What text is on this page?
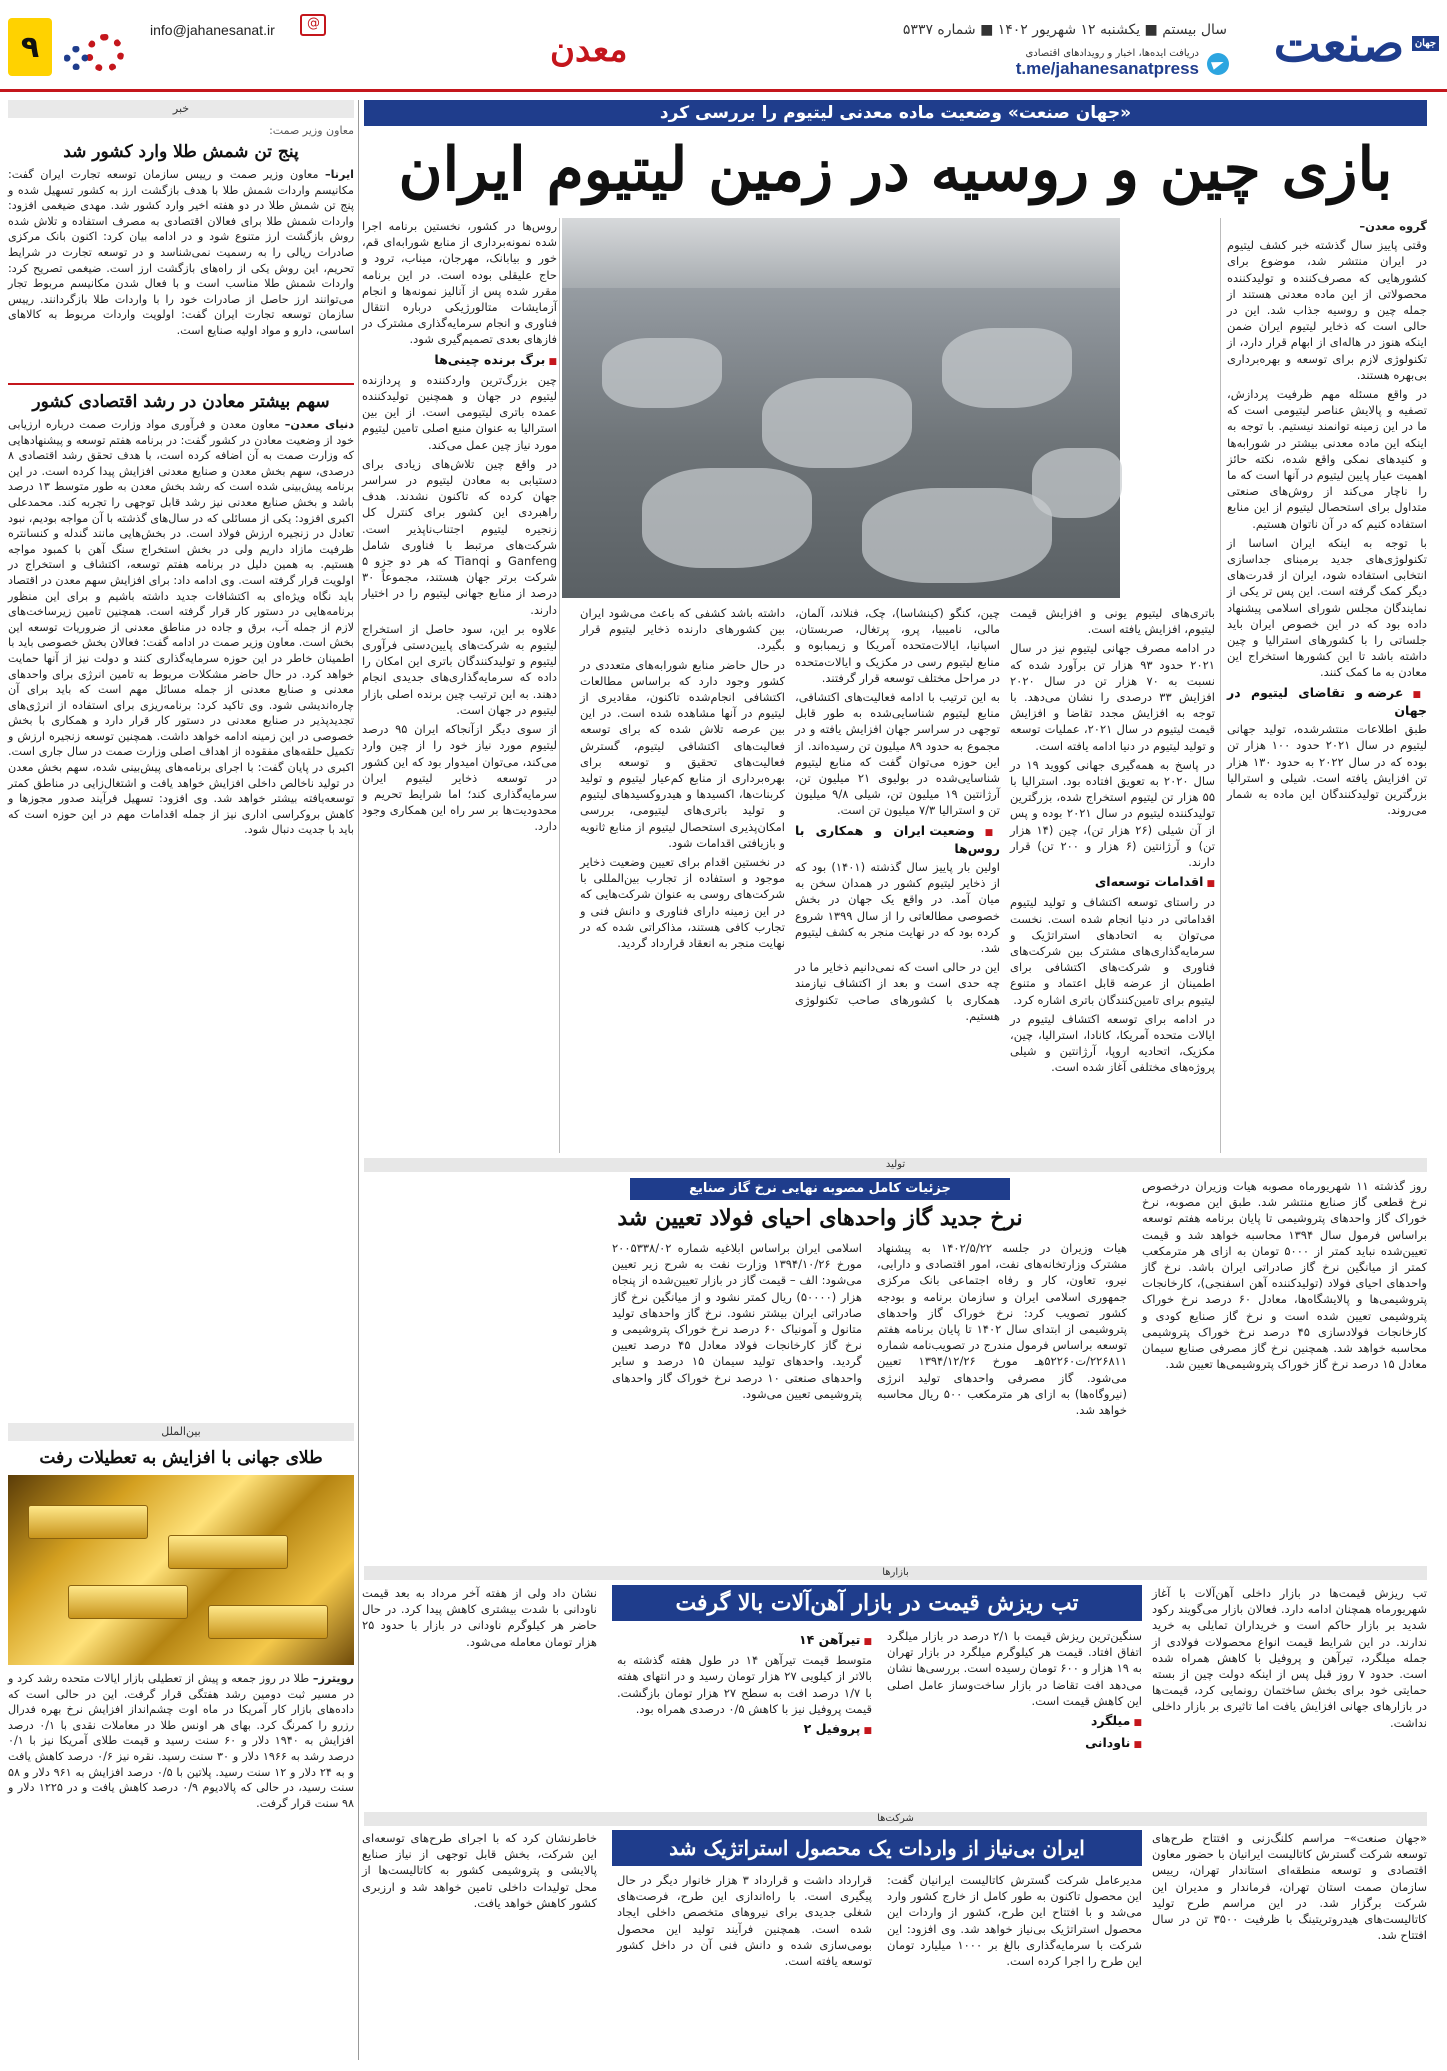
صنعت	جهان
سال بیستم ■ یکشنبه ۱۲ شهریور ۱۴۰۲ ■ شماره ۵۳۳۷
دریافت ایده‌ها، اخبار و رویدادهای اقتصادی
t.me/jahanesanatpress
معدن
@
info@jahanesanat.ir
۹
«جهان صنعت» وضعیت ماده معدنی لیتیوم را بررسی کرد
بازی چین و روسیه در زمین لیتیوم ایران

گروه معدن–

وقتی پاییز سال گذشته خبر کشف لیتیوم در ایران منتشر شد، موضوع برای کشورهایی که مصرف‌کننده و تولیدکننده محصولاتی از این ماده معدنی هستند از جمله چین و روسیه جذاب شد. این در حالی است که ذخایر لیتیوم ایران ضمن اینکه هنوز در هاله‌ای از ابهام قرار دارد، از تکنولوژی لازم برای توسعه و بهره‌برداری بی‌بهره هستند.

در واقع مسئله مهم ظرفیت پردازش، تصفیه و پالایش عناصر لیتیومی است که ما در این زمینه توانمند نیستیم. با توجه به اینکه این ماده معدنی بیشتر در شورابه‌ها و کنیدهای نمکی واقع شده، نکته حائز اهمیت عیار پایین لیتیوم در آنها است که ما را ناچار می‌کند از روش‌های صنعتی متداول برای استحصال لیتیوم از این منابع استفاده کنیم که در آن ناتوان هستیم.

با توجه به اینکه ایران اساسا از تکنولوژی‌های جدید برمبنای جداسازی انتخابی استفاده شود، ایران از قدرت‌های دیگر کمک گرفته است. این پس تر یکی از نمایندگان مجلس شورای اسلامی پیشنهاد داده بود که در این خصوص ایران باید جلساتی را با کشورهای استرالیا و چین داشته باشد تا این کشورها استخراج این معادن به ما کمک کنند.

■ عرضه و تقاضای لیتیوم در جهان

طبق اطلاعات منتشرشده، تولید جهانی لیتیوم در سال ۲۰۲۱ حدود ۱۰۰ هزار تن بوده که در سال ۲۰۲۲ به حدود ۱۳۰ هزار تن افزایش یافته است. شیلی و استرالیا بزرگترین تولیدکنندگان این ماده به شمار می‌روند.

روس‌ها در کشور، نخستین برنامه اجرا شده نمونه‌برداری از منابع شورابه‌ای قم، خور و بیابانک، مهرجان، میناب، ترود و حاج علیقلی بوده است. در این برنامه مقرر شده پس از آنالیز نمونه‌ها و انجام آزمایشات متالورژیکی درباره انتقال فناوری و انجام سرمایه‌گذاری مشترک در فازهای بعدی تصمیم‌گیری شود.

■ برگ برنده چینی‌ها

چین بزرگ‌ترین واردکننده و پردازنده لیتیوم در جهان و همچنین تولیدکننده عمده باتری لیتیومی است. از این بین استرالیا به عنوان منبع اصلی تامین لیتیوم مورد نیاز چین عمل می‌کند.

در واقع چین تلاش‌های زیادی برای دستیابی به معادن لیتیوم در سراسر جهان کرده که تاکنون نشدند. هدف راهبردی این کشور برای کنترل کل زنجیره لیتیوم اجتناب‌ناپذیر است. شرکت‌های مرتبط با فناوری شامل Ganfeng و Tianqi که هر دو جزو ۵ شرکت برتر جهان هستند، مجموعاً ۳۰ درصد از منابع جهانی لیتیوم را در اختیار دارند.

علاوه بر این، سود حاصل از استخراج لیتیوم به شرکت‌های پایین‌دستی فرآوری لیتیوم و تولیدکنندگان باتری این امکان را داده که سرمایه‌گذاری‌های جدیدی انجام دهند. به این ترتیب چین برنده اصلی بازار لیتیوم در جهان است.

از سوی دیگر ازآنجاکه ایران ۹۵ درصد لیتیوم مورد نیاز خود را از چین وارد می‌کند، می‌توان امیدوار بود که این کشور در توسعه ذخایر لیتیوم ایران سرمایه‌گذاری کند؛ اما شرایط تحریم و محدودیت‌ها بر سر راه این همکاری وجود دارد.

باتری‌های لیتیوم یونی و افزایش قیمت لیتیوم، افزایش یافته است.

در ادامه مصرف جهانی لیتیوم نیز در سال ۲۰۲۱ حدود ۹۳ هزار تن برآورد شده که نسبت به ۷۰ هزار تن در سال ۲۰۲۰ افزایش ۳۳ درصدی را نشان می‌دهد. با توجه به افزایش مجدد تقاضا و افزایش قیمت لیتیوم در سال ۲۰۲۱، عملیات توسعه و تولید لیتیوم در دنیا ادامه یافته است.

در پاسخ به همه‌گیری جهانی کووید ۱۹ در سال ۲۰۲۰ به تعویق افتاده بود. استرالیا با ۵۵ هزار تن لیتیوم استخراج شده، بزرگترین تولیدکننده لیتیوم در سال ۲۰۲۱ بوده و پس از آن شیلی (۲۶ هزار تن)، چین (۱۴ هزار تن) و آرژانتین (۶ هزار و ۲۰۰ تن) قرار دارند.

■ اقدامات توسعه‌ای

در راستای توسعه اکتشاف و تولید لیتیوم اقداماتی در دنیا انجام شده است. نخست می‌توان به اتحادهای استراتژیک و سرمایه‌گذاری‌های مشترک بین شرکت‌های فناوری و شرکت‌های اکتشافی برای اطمینان از عرضه قابل اعتماد و متنوع لیتیوم برای تامین‌کنندگان باتری اشاره کرد.

در ادامه برای توسعه اکتشاف لیتیوم در ایالات متحده آمریکا، کانادا، استرالیا، چین، مکزیک، اتحادیه اروپا، آرژانتین و شیلی پروژه‌های مختلفی آغاز شده است.

چین، کنگو (کینشاسا)، چک، فنلاند، آلمان، مالی، نامیبیا، پرو، پرتغال، صربستان، اسپانیا، ایالات‌متحده آمریکا و زیمبابوه و منابع لیتیوم رسی در مکزیک و ایالات‌متحده در مراحل مختلف توسعه قرار گرفتند.

به این ترتیب با ادامه فعالیت‌های اکتشافی، منابع لیتیوم شناسایی‌شده به طور قابل توجهی در سراسر جهان افزایش یافته و در مجموع به حدود ۸۹ میلیون تن رسیده‌اند. از این حوزه می‌توان گفت که منابع لیتیوم شناسایی‌شده در بولیوی ۲۱ میلیون تن، آرژانتین ۱۹ میلیون تن، شیلی ۹/۸ میلیون تن و استرالیا ۷/۳ میلیون تن است.

■ وضعیت ایران و همکاری با روس‌ها

اولین بار پاییز سال گذشته (۱۴۰۱) بود که از ذخایر لیتیوم کشور در همدان سخن به میان آمد. در واقع یک جهان در بخش خصوصی مطالعاتی را از سال ۱۳۹۹ شروع کرده بود که در نهایت منجر به کشف لیتیوم شد.

این در حالی است که نمی‌دانیم ذخایر ما در چه حدی است و بعد از اکتشاف نیازمند همکاری با کشورهای صاحب تکنولوژی هستیم.

داشته باشد کشفی که باعث می‌شود ایران بین کشورهای دارنده ذخایر لیتیوم قرار بگیرد.

در حال حاضر منابع شورابه‌های متعددی در کشور وجود دارد که براساس مطالعات اکتشافی انجام‌شده تاکنون، مقادیری از لیتیوم در آنها مشاهده شده است. در این بین عرصه تلاش شده که برای توسعه فعالیت‌های اکتشافی لیتیوم، گسترش فعالیت‌های تحقیق و توسعه برای بهره‌برداری از منابع کم‌عیار لیتیوم و تولید کربنات‌ها، اکسیدها و هیدروکسیدهای لیتیوم و تولید باتری‌های لیتیومی، بررسی امکان‌پذیری استحصال لیتیوم از منابع ثانویه و بازیافتی اقدامات شود.

در نخستین اقدام برای تعیین وضعیت ذخایر موجود و استفاده از تجارب بین‌المللی با شرکت‌های روسی به عنوان شرکت‌هایی که در این زمینه دارای فناوری و دانش فنی و تجارب کافی هستند، مذاکراتی شده که در نهایت منجر به انعقاد قرارداد گردید.

خبر
معاون وزیر صمت:
پنج تن شمش طلا وارد کشور شد
ایرنا– معاون وزیر صمت و رییس سازمان توسعه تجارت ایران گفت: مکانیسم واردات شمش طلا با هدف بازگشت ارز به کشور تسهیل شده و پنج تن شمش طلا در دو هفته اخیر وارد کشور شد. مهدی ضیغمی افزود: واردات شمش طلا برای فعالان اقتصادی به مصرف استفاده و تلاش شده روش بازگشت ارز متنوع شود و در ادامه بیان کرد: اکنون بانک مرکزی صادرات ریالی را به رسمیت نمی‌شناسد و در توسعه تجارت در شرایط تحریم، این روش یکی از راه‌های بازگشت ارز است. ضیغمی تصریح کرد: واردات شمش طلا مناسب است و با فعال شدن مکانیسم مربوط تجار می‌توانند ارز حاصل از صادرات خود را با واردات طلا بازگردانند. رییس سازمان توسعه تجارت ایران گفت: اولویت واردات مربوط به کالاهای اساسی، دارو و مواد اولیه صنایع است.
سهم بیشتر معادن در رشد اقتصادی کشور
دنیای معدن– معاون معدن و فرآوری مواد وزارت صمت درباره ارزیابی خود از وضعیت معادن در کشور گفت: در برنامه هفتم توسعه و پیشنهادهایی که وزارت صمت به آن اضافه کرده است، با هدف تحقق رشد اقتصادی ۸ درصدی، سهم بخش معدن و صنایع معدنی افزایش پیدا کرده است. در این برنامه پیش‌بینی شده است که رشد بخش معدن به طور متوسط ۱۳ درصد باشد و بخش صنایع معدنی نیز رشد قابل توجهی را تجربه کند. محمدعلی اکبری افزود: یکی از مسائلی که در سال‌های گذشته با آن مواجه بودیم، نبود تعادل در زنجیره ارزش فولاد است. در بخش‌هایی مانند گندله و کنسانتره ظرفیت مازاد داریم ولی در بخش استخراج سنگ آهن با کمبود مواجه هستیم. به همین دلیل در برنامه هفتم توسعه، اکتشاف و استخراج در اولویت قرار گرفته است. وی ادامه داد: برای افزایش سهم معدن در اقتصاد باید نگاه ویژه‌ای به اکتشافات جدید داشته باشیم و برای این منظور برنامه‌هایی در دستور کار قرار گرفته است. همچنین تامین زیرساخت‌های لازم از جمله آب، برق و جاده در مناطق معدنی از ضروریات توسعه این بخش است. معاون وزیر صمت در ادامه گفت: فعالان بخش خصوصی باید با اطمینان خاطر در این حوزه سرمایه‌گذاری کنند و دولت نیز از آنها حمایت خواهد کرد. در حال حاضر مشکلات مربوط به تامین انرژی برای واحدهای معدنی و صنایع معدنی از جمله مسائل مهم است که باید برای آن چاره‌اندیشی شود. وی تاکید کرد: برنامه‌ریزی برای استفاده از انرژی‌های تجدیدپذیر در صنایع معدنی در دستور کار قرار دارد و همکاری با بخش خصوصی در این زمینه ادامه خواهد داشت. همچنین توسعه زنجیره ارزش و تکمیل حلقه‌های مفقوده از اهداف اصلی وزارت صمت در سال جاری است. اکبری در پایان گفت: با اجرای برنامه‌های پیش‌بینی شده، سهم بخش معدن در تولید ناخالص داخلی افزایش خواهد یافت و اشتغال‌زایی در مناطق کمتر توسعه‌یافته بیشتر خواهد شد. وی افزود: تسهیل فرآیند صدور مجوزها و کاهش بروکراسی اداری نیز از جمله اقدامات مهم در این حوزه است که باید با جدیت دنبال شود.
بین‌الملل
طلای جهانی با افزایش به تعطیلات رفت
رویترز– طلا در روز جمعه و پیش از تعطیلی بازار ایالات متحده رشد کرد و در مسیر ثبت دومین رشد هفتگی قرار گرفت. این در حالی است که داده‌های بازار کار آمریکا در ماه اوت چشم‌انداز افزایش نرخ بهره فدرال رزرو را کمرنگ کرد. بهای هر اونس طلا در معاملات نقدی با ۰/۱ درصد افزایش به ۱۹۴۰ دلار و ۶۰ سنت رسید و قیمت طلای آمریکا نیز با ۰/۱ درصد رشد به ۱۹۶۶ دلار و ۳۰ سنت رسید. نقره نیز ۰/۶ درصد کاهش یافت و به ۲۴ دلار و ۱۲ سنت رسید. پلاتین با ۰/۵ درصد افزایش به ۹۶۱ دلار و ۵۸ سنت رسید، در حالی که پالادیوم ۰/۹ درصد کاهش یافت و در ۱۲۲۵ دلار و ۹۸ سنت قرار گرفت.
تولید
جزئیات کامل مصوبه نهایی نرخ گاز صنایع
نرخ جدید گاز واحدهای احیای فولاد تعیین شد

روز گذشته ۱۱ شهریورماه مصوبه هیات وزیران درخصوص نرخ قطعی گاز صنایع منتشر شد. طبق این مصوبه، نرخ خوراک گاز واحدهای پتروشیمی تا پایان برنامه هفتم توسعه براساس فرمول سال ۱۳۹۴ محاسبه خواهد شد و قیمت تعیین‌شده نباید کمتر از ۵۰۰۰ تومان به ازای هر مترمکعب کمتر از میانگین نرخ گاز صادراتی ایران باشد. نرخ گاز واحدهای احیای فولاد (تولیدکننده آهن اسفنجی)، کارخانجات پتروشیمی‌ها و پالایشگاه‌ها، معادل ۶۰ درصد نرخ خوراک پتروشیمی تعیین شده است و نرخ گاز صنایع کودی و کارخانجات فولادسازی ۴۵ درصد نرخ خوراک پتروشیمی محاسبه خواهد شد. همچنین نرخ گاز مصرفی صنایع سیمان معادل ۱۵ درصد نرخ گاز خوراک پتروشیمی‌ها تعیین شد.

هیات وزیران در جلسه ۱۴۰۲/۵/۲۲ به پیشنهاد مشترک وزارتخانه‌های نفت، امور اقتصادی و دارایی، نیرو، تعاون، کار و رفاه اجتماعی بانک مرکزی جمهوری اسلامی ایران و سازمان برنامه و بودجه کشور تصویب کرد: نرخ خوراک گاز واحدهای پتروشیمی از ابتدای سال ۱۴۰۲ تا پایان برنامه هفتم توسعه براساس فرمول مندرج در تصویب‌نامه شماره ۲۲۶۸۱۱/ت۵۲۲۶۰هـ مورخ ۱۳۹۴/۱۲/۲۶ تعیین می‌شود. گاز مصرفی واحدهای تولید انرژی (نیروگاه‌ها) به ازای هر مترمکعب ۵۰۰ ریال محاسبه خواهد شد.

اسلامی ایران براساس ابلاغیه شماره ۲۰۰۵۳۳۸/۰۲ مورخ ۱۳۹۴/۱۰/۲۶ وزارت نفت به شرح زیر تعیین می‌شود: الف – قیمت گاز در بازار تعیین‌شده از پنجاه هزار (۵۰۰۰۰) ریال کمتر نشود و از میانگین نرخ گاز صادراتی ایران بیشتر نشود. نرخ گاز واحدهای تولید متانول و آمونیاک ۶۰ درصد نرخ خوراک پتروشیمی و نرخ گاز کارخانجات فولاد معادل ۴۵ درصد تعیین گردید. واحدهای تولید سیمان ۱۵ درصد و سایر واحدهای صنعتی ۱۰ درصد نرخ خوراک گاز واحدهای پتروشیمی تعیین می‌شود.

بازارها
تب ریزش قیمت در بازار آهن‌آلات بالا گرفت	تب ریزش قیمت‌ها در بازار داخلی آهن‌آلات با آغاز شهریورماه همچنان ادامه دارد. فعالان بازار می‌گویند رکود شدید بر بازار حاکم است و خریداران تمایلی به خرید ندارند. در این شرایط قیمت انواع محصولات فولادی از جمله میلگرد، تیرآهن و پروفیل با کاهش همراه شده است. حدود ۷ روز قبل پس از اینکه دولت چین از بسته حمایتی خود برای بخش ساختمان رونمایی کرد، قیمت‌ها در بازارهای جهانی افزایش یافت اما تاثیری بر بازار داخلی نداشت.

سنگین‌ترین ریزش قیمت با ۲/۱ درصد در بازار میلگرد اتفاق افتاد. قیمت هر کیلوگرم میلگرد در بازار تهران به ۱۹ هزار و ۶۰۰ تومان رسیده است. بررسی‌ها نشان می‌دهد افت تقاضا در بازار ساخت‌وساز عامل اصلی این کاهش قیمت است.

■ میلگرد
■ ناودانی
■ تیرآهن ۱۴

متوسط قیمت تیرآهن ۱۴ در طول هفته گذشته به بالاتر از کیلویی ۲۷ هزار تومان رسید و در انتهای هفته با ۱/۷ درصد افت به سطح ۲۷ هزار تومان بازگشت. قیمت پروفیل نیز با کاهش ۰/۵ درصدی همراه بود.

■ پروفیل ۲

نشان داد ولی از هفته آخر مرداد به بعد قیمت ناودانی با شدت بیشتری کاهش پیدا کرد. در حال حاضر هر کیلوگرم ناودانی در بازار با حدود ۲۵ هزار تومان معامله می‌شود.

شرکت‌ها
ایران بی‌نیاز از واردات یک محصول استراتژیک شد	«جهان صنعت»– مراسم کلنگ‌زنی و افتتاح طرح‌های توسعه شرکت گسترش کاتالیست ایرانیان با حضور معاون اقتصادی و توسعه منطقه‌ای استاندار تهران، رییس سازمان صمت استان تهران، فرماندار و مدیران این شرکت برگزار شد. در این مراسم طرح تولید کاتالیست‌های هیدروتریتینگ با ظرفیت ۳۵۰۰ تن در سال افتتاح شد.

مدیرعامل شرکت گسترش کاتالیست ایرانیان گفت: این محصول تاکنون به طور کامل از خارج کشور وارد می‌شد و با افتتاح این طرح، کشور از واردات این محصول استراتژیک بی‌نیاز خواهد شد. وی افزود: این شرکت با سرمایه‌گذاری بالغ بر ۱۰۰۰ میلیارد تومان این طرح را اجرا کرده است.

قرارداد داشت و قرارداد ۳ هزار خانوار دیگر در حال پیگیری است. با راه‌اندازی این طرح، فرصت‌های شغلی جدیدی برای نیروهای متخصص داخلی ایجاد شده است. همچنین فرآیند تولید این محصول بومی‌سازی شده و دانش فنی آن در داخل کشور توسعه یافته است.

خاطرنشان کرد که با اجرای طرح‌های توسعه‌ای این شرکت، بخش قابل توجهی از نیاز صنایع پالایشی و پتروشیمی کشور به کاتالیست‌ها از محل تولیدات داخلی تامین خواهد شد و ارزبری کشور کاهش خواهد یافت.
